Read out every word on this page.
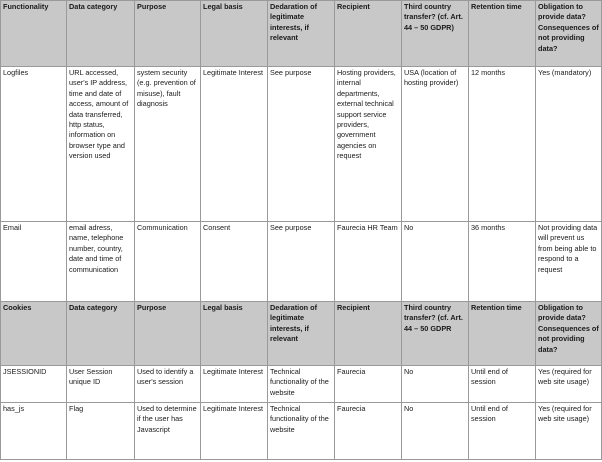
Functionality	Data category	Purpose	Legal basis	Dedaration of legitimate interests, if relevant	Recipient	Third country transfer? (cf. Art. 44 – 50 GDPR)	Retention time	Obligation to provide data? Consequences of not providing data?
Logfiles	URL accessed, user's IP address, time and date of access, amount of data transferred, http status, information on browser type and version used	system security (e.g. prevention of misuse), fault diagnosis	Legitimate Interest	See purpose	Hosting providers, internal departments, external technical support service providers, government agencies on request	USA (location of hosting provider)	12 months	Yes (mandatory)
Email	email adress, name, telephone number, country, date and time of communication	Communication	Consent	See purpose	Faurecia HR Team	No	36 months	Not providing data will prevent us from being able to respond to a request
Cookies	Data category	Purpose	Legal basis	Dedaration of legitimate interests, if relevant	Recipient	Third country transfer? (cf. Art. 44 – 50 GDPR	Retention time	Obligation to provide data? Consequences of not providing data?
JSESSIONID	User Session unique ID	Used to identify a user's session	Legitimate Interest	Technical functionality of the website	Faurecia	No	Until end of session	Yes (required for web site usage)
has_js	Flag	Used to determine if the user has Javascript	Legitimate Interest	Technical functionality of the website	Faurecia	No	Until end of session	Yes (required for web site usage)
